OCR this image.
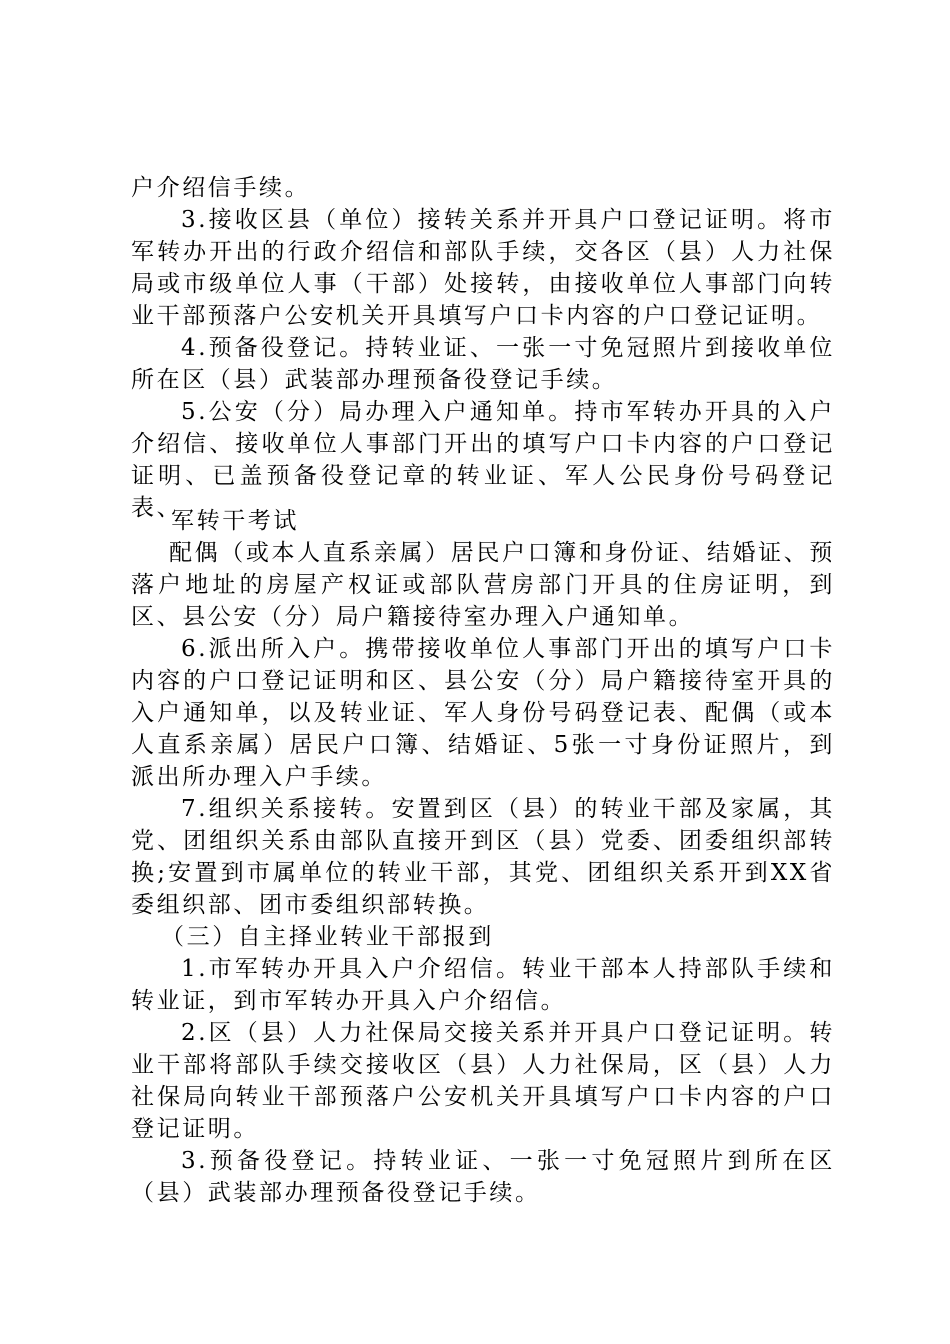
户介绍信手续。

3.接收区县（单位）接转关系并开具户口登记证明。将市军转办开出的行政介绍信和部队手续，交各区（县）人力社保局或市级单位人事（干部）处接转，由接收单位人事部门向转业干部预落户公安机关开具填写户口卡内容的户口登记证明。

4.预备役登记。持转业证、一张一寸免冠照片到接收单位所在区（县）武装部办理预备役登记手续。

5.公安（分）局办理入户通知单。持市军转办开具的入户介绍信、接收单位人事部门开出的填写户口卡内容的户口登记证明、已盖预备役登记章的转业证、军人公民身份号码登记表、

军转干考试

配偶（或本人直系亲属）居民户口簿和身份证、结婚证、预落户地址的房屋产权证或部队营房部门开具的住房证明，到区、县公安（分）局户籍接待室办理入户通知单。

6.派出所入户。携带接收单位人事部门开出的填写户口卡内容的户口登记证明和区、县公安（分）局户籍接待室开具的入户通知单，以及转业证、军人身份号码登记表、配偶（或本人直系亲属）居民户口簿、结婚证、5张一寸身份证照片，到派出所办理入户手续。

7.组织关系接转。安置到区（县）的转业干部及家属，其党、团组织关系由部队直接开到区（县）党委、团委组织部转换;安置到市属单位的转业干部，其党、团组织关系开到XX省委组织部、团市委组织部转换。

（三）自主择业转业干部报到

1.市军转办开具入户介绍信。转业干部本人持部队手续和转业证，到市军转办开具入户介绍信。

2.区（县）人力社保局交接关系并开具户口登记证明。转业干部将部队手续交接收区（县）人力社保局，区（县）人力社保局向转业干部预落户公安机关开具填写户口卡内容的户口登记证明。

3.预备役登记。持转业证、一张一寸免冠照片到所在区（县）武装部办理预备役登记手续。
